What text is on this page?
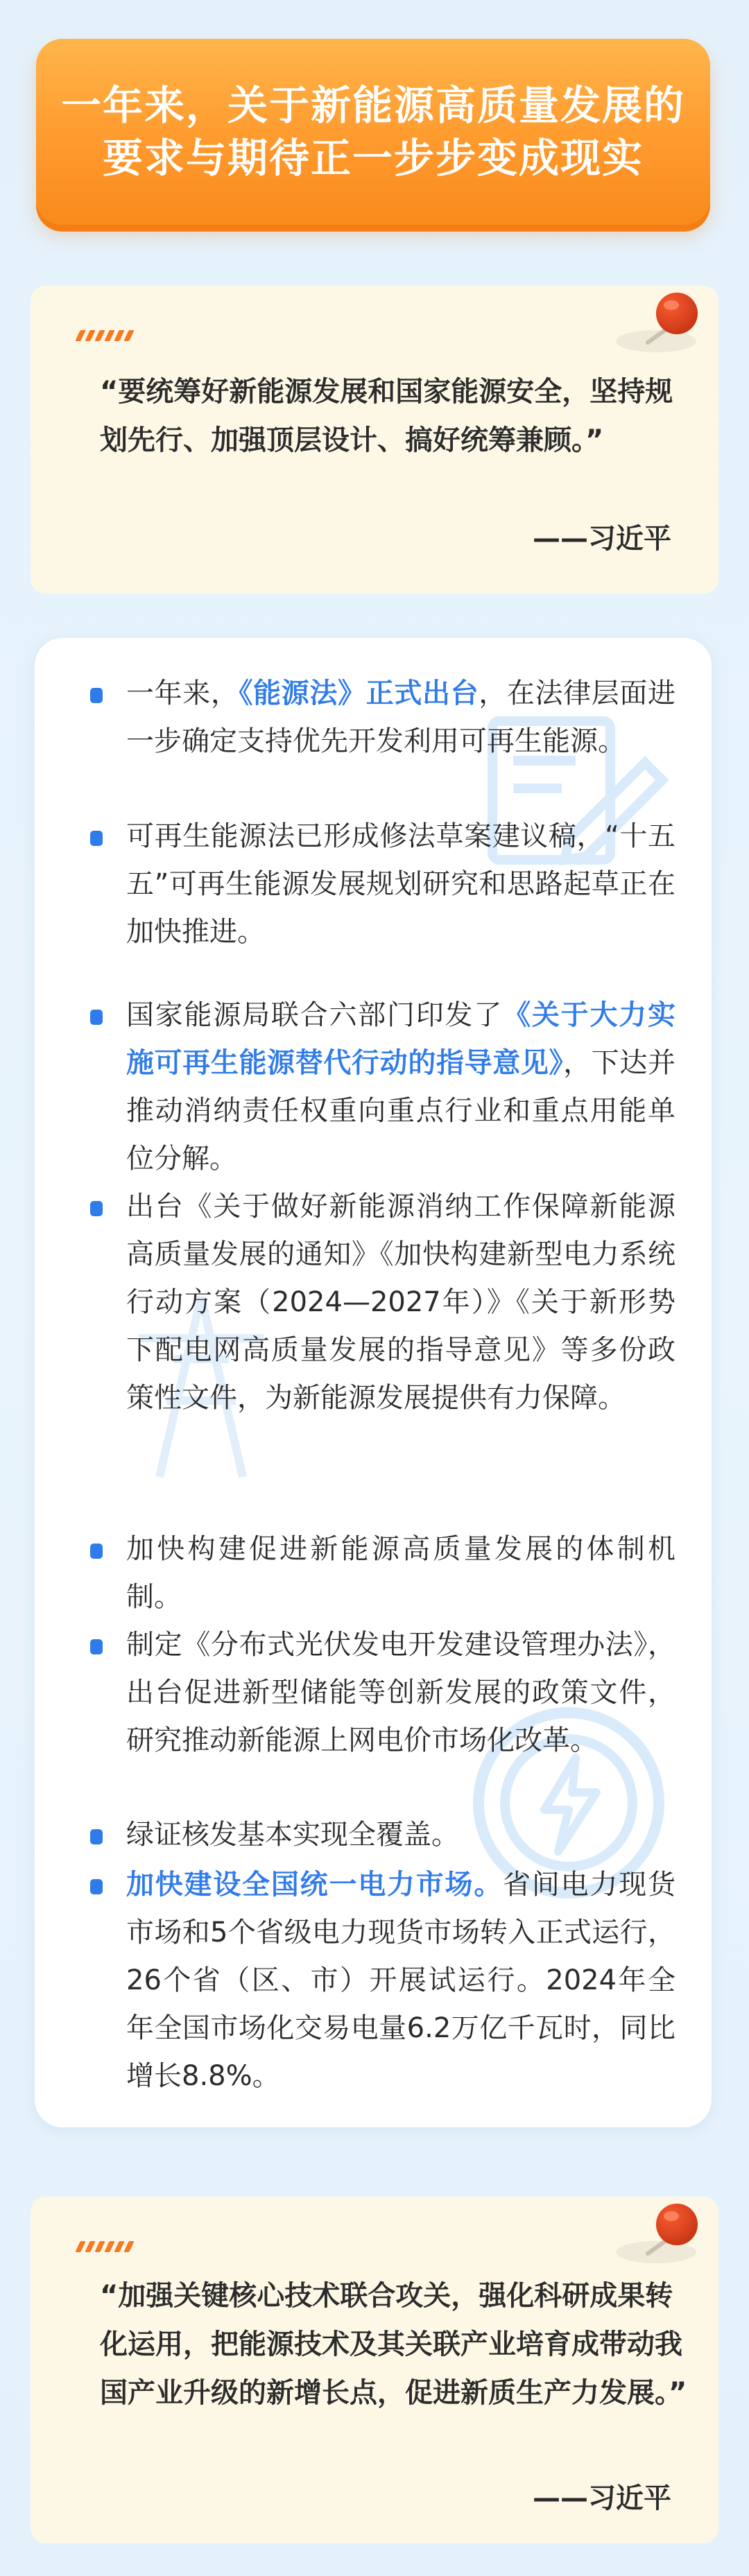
一年来，关于新能源高质量发展的要求与期待正一步步变成现实
“要统筹好新能源发展和国家能源安全，坚持规划先行、加强顶层设计、搞好统筹兼顾。”
——习近平
一年来，《能源法》正式出台，在法律层面进一步确定支持优先开发利用可再生能源。
可再生能源法已形成修法草案建议稿，“十五五”可再生能源发展规划研究和思路起草正在加快推进。
国家能源局联合六部门印发了《关于大力实施可再生能源替代行动的指导意见》，下达并推动消纳责任权重向重点行业和重点用能单位分解。
出台《关于做好新能源消纳工作保障新能源高质量发展的通知》《加快构建新型电力系统行动方案（2024—2027年）》《关于新形势下配电网高质量发展的指导意见》等多份政策性文件，为新能源发展提供有力保障。
加快构建促进新能源高质量发展的体制机制。
制定《分布式光伏发电开发建设管理办法》，出台促进新型储能等创新发展的政策文件，研究推动新能源上网电价市场化改革。
绿证核发基本实现全覆盖。
加快建设全国统一电力市场。省间电力现货市场和5个省级电力现货市场转入正式运行，26个省（区、市）开展试运行。2024年全年全国市场化交易电量6.2万亿千瓦时，同比增长8.8%。
“加强关键核心技术联合攻关，强化科研成果转化运用，把能源技术及其关联产业培育成带动我国产业升级的新增长点，促进新质生产力发展。”
——习近平
